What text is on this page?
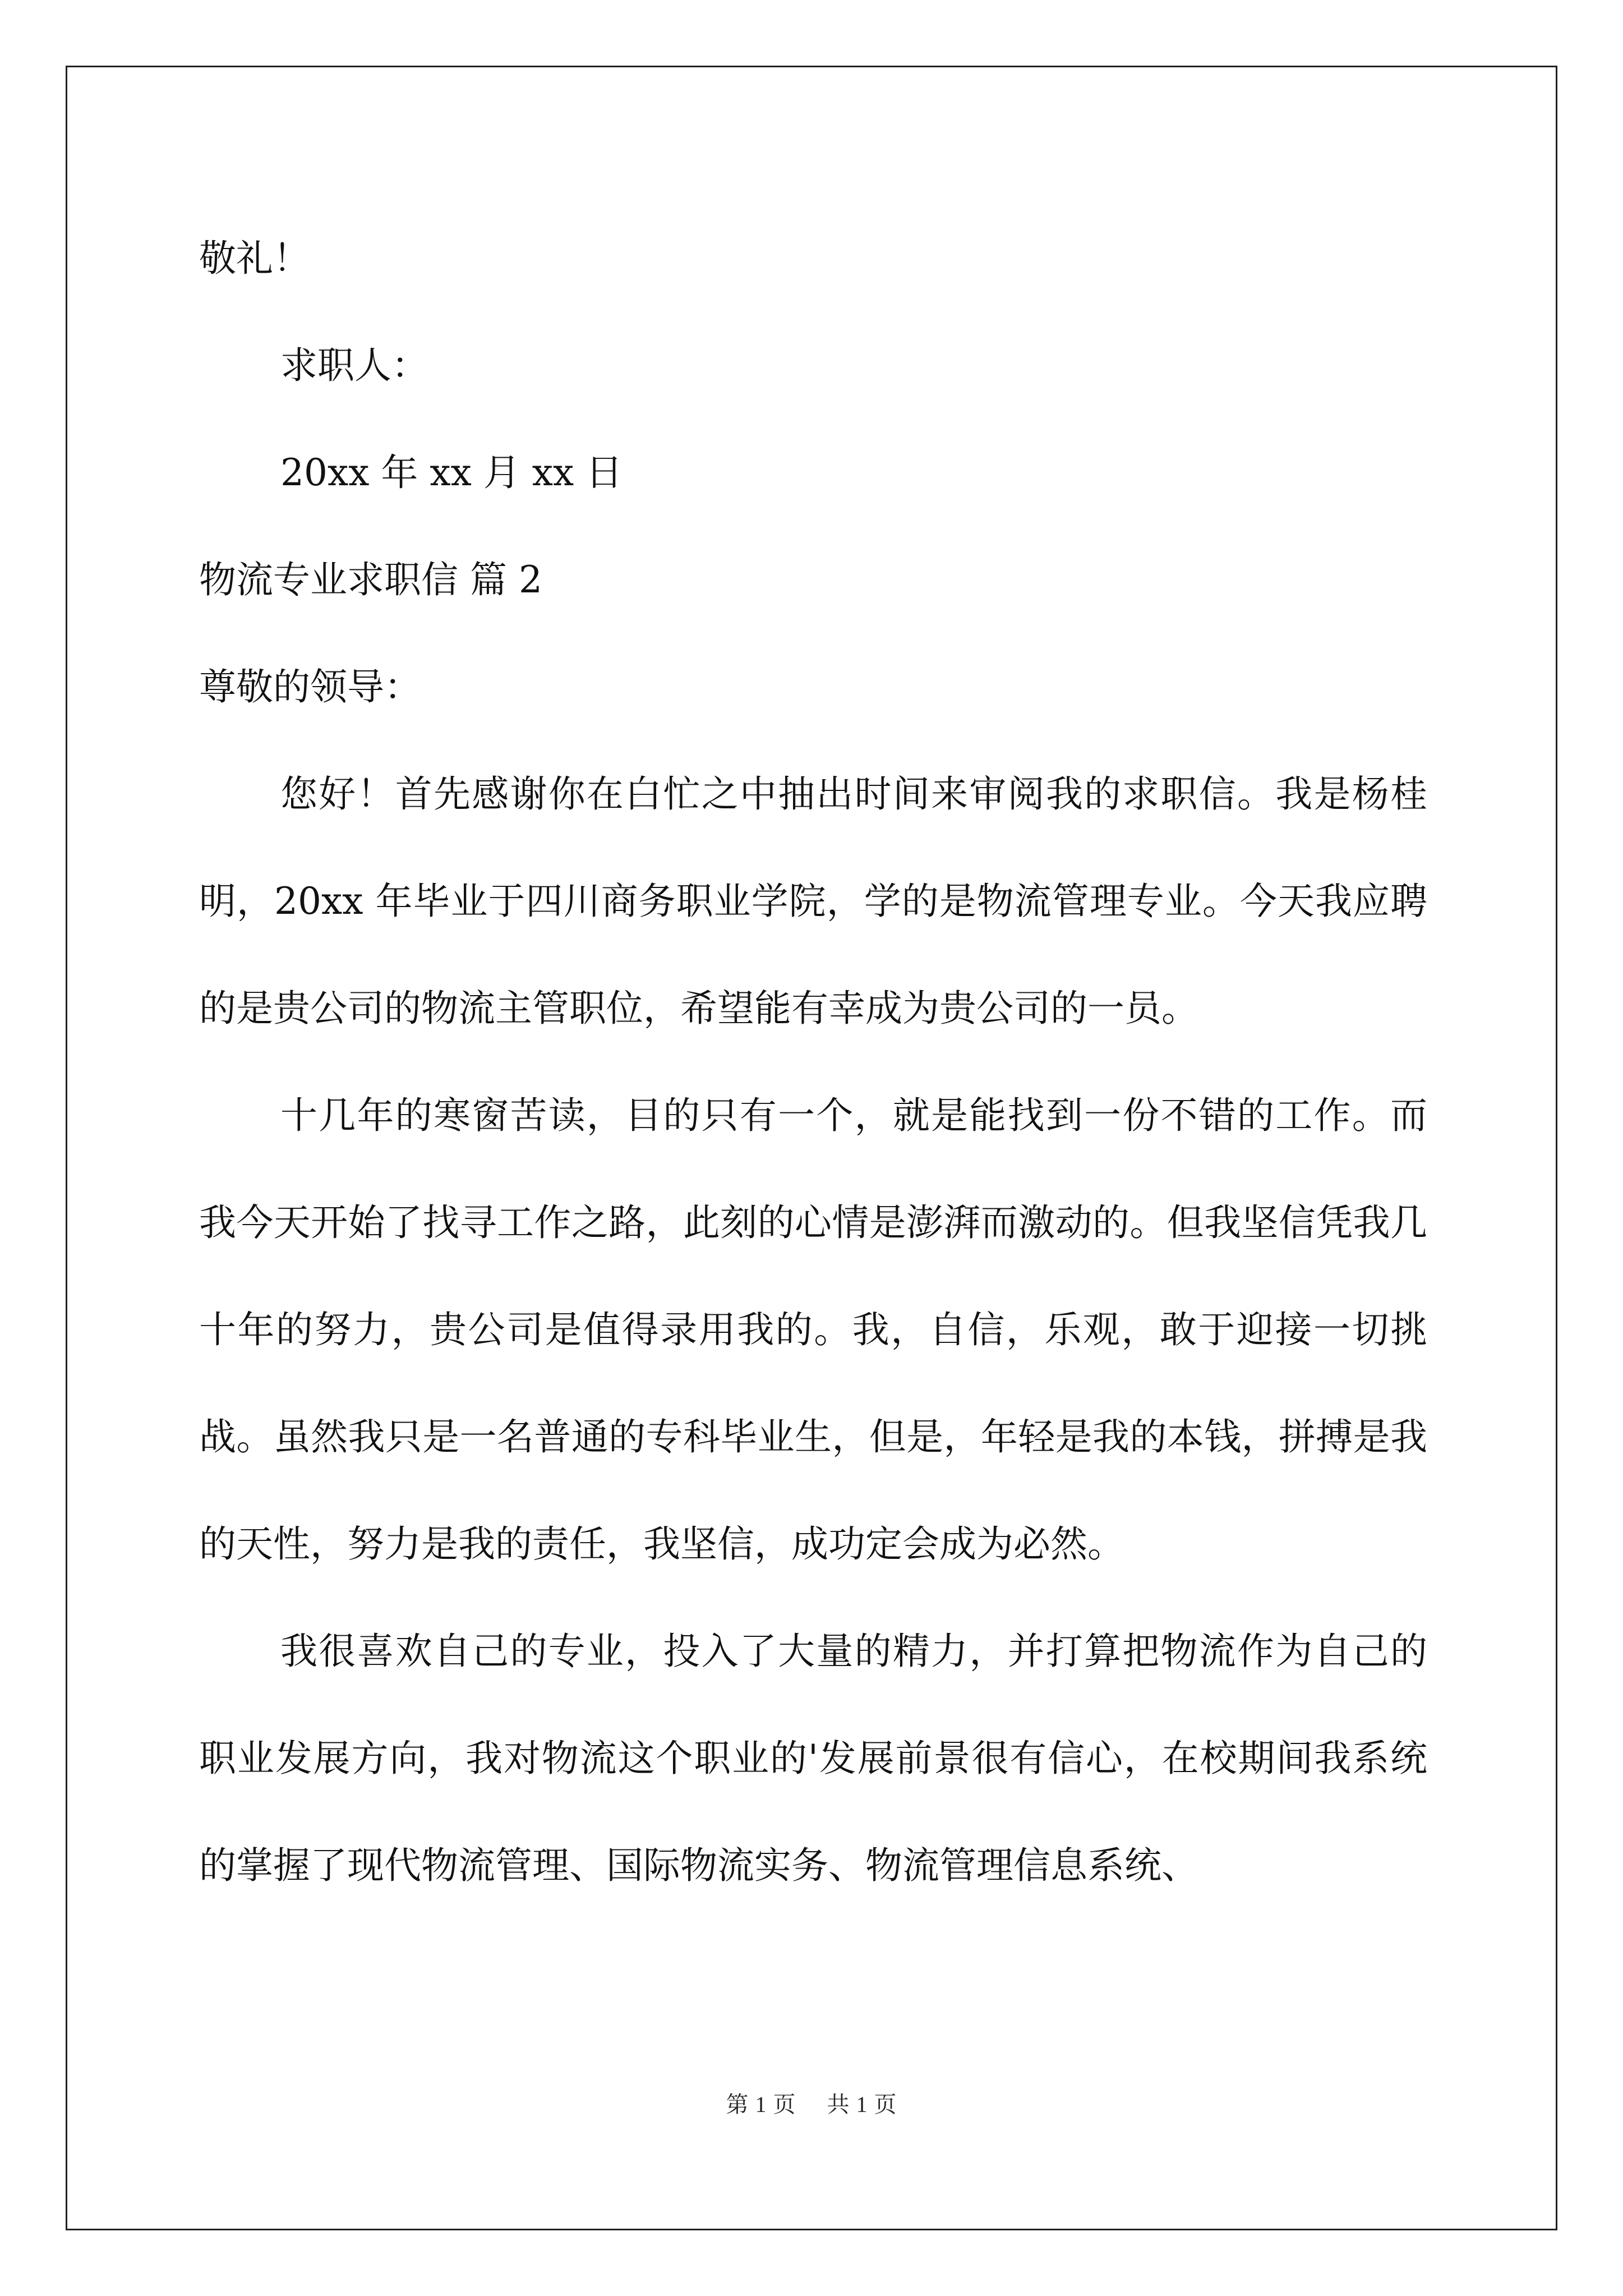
敬礼！

求职人：

20xx 年 xx 月 xx 日

物流专业求职信 篇 2

尊敬的领导：

您好！首先感谢你在白忙之中抽出时间来审阅我的求职信。我是杨桂明，20xx 年毕业于四川商务职业学院，学的是物流管理专业。今天我应聘的是贵公司的物流主管职位，希望能有幸成为贵公司的一员。

十几年的寒窗苦读，目的只有一个，就是能找到一份不错的工作。而我今天开始了找寻工作之路，此刻的心情是澎湃而激动的。但我坚信凭我几十年的努力，贵公司是值得录用我的。我，自信，乐观，敢于迎接一切挑战。虽然我只是一名普通的专科毕业生，但是，年轻是我的本钱，拼搏是我的天性，努力是我的责任，我坚信，成功定会成为必然。

我很喜欢自己的专业，投入了大量的精力，并打算把物流作为自己的职业发展方向，我对物流这个职业的'发展前景很有信心，在校期间我系统的掌握了现代物流管理、国际物流实务、物流管理信息系统、

第 1 页 共 1 页
